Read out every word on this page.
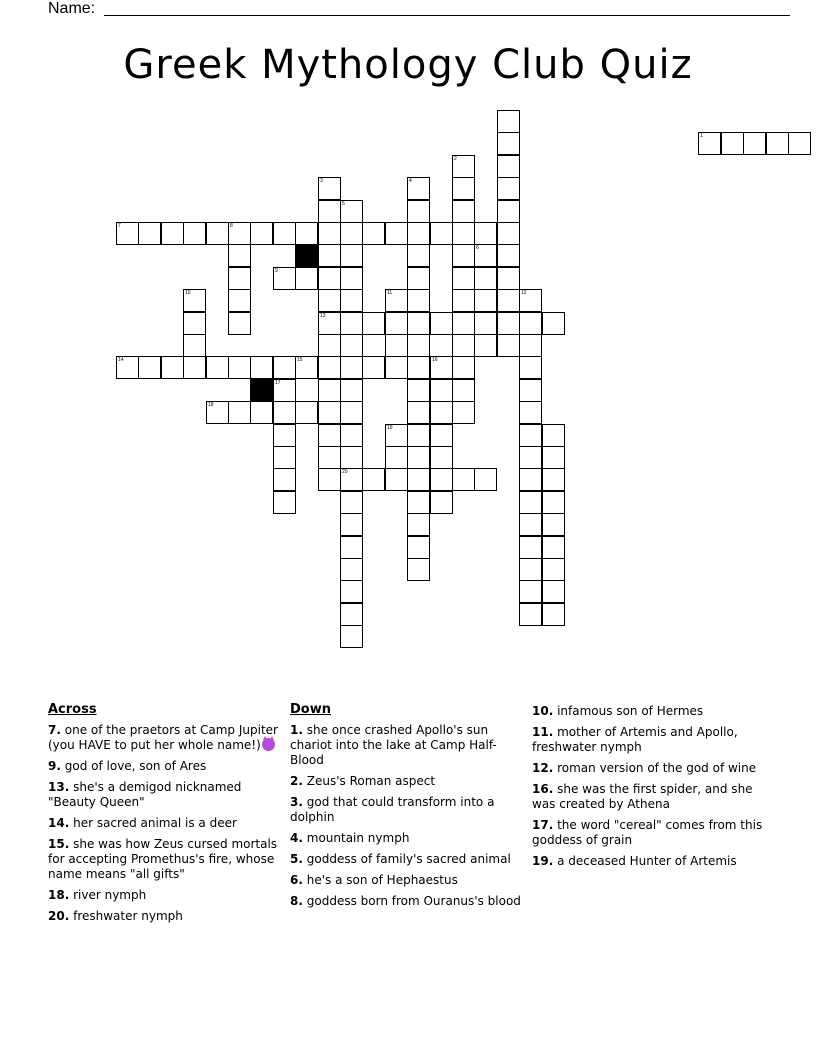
Name:
Greek Mythology Club Quiz
1
2
3
13
4
5
20
6
7	8
9
10	11	12
14	15	16
18
17
19
Across

7. one of the praetors at Camp Jupiter (you HAVE to put her whole name!)

9. god of love, son of Ares

13. she's a demigod nicknamed "Beauty Queen"

14. her sacred animal is a deer

15. she was how Zeus cursed mortals for accepting Promethus's fire, whose name means "all gifts"

18. river nymph

20. freshwater nymph

Down

1. she once crashed Apollo's sun chariot into the lake at Camp Half-Blood

2. Zeus's Roman aspect

3. god that could transform into a dolphin

4. mountain nymph

5. goddess of family's sacred animal

6. he's a son of Hephaestus

8. goddess born from Ouranus's blood

10. infamous son of Hermes

11. mother of Artemis and Apollo, freshwater nymph

12. roman version of the god of wine

16. she was the first spider, and she was created by Athena

17. the word "cereal" comes from this goddess of grain

19. a deceased Hunter of Artemis
